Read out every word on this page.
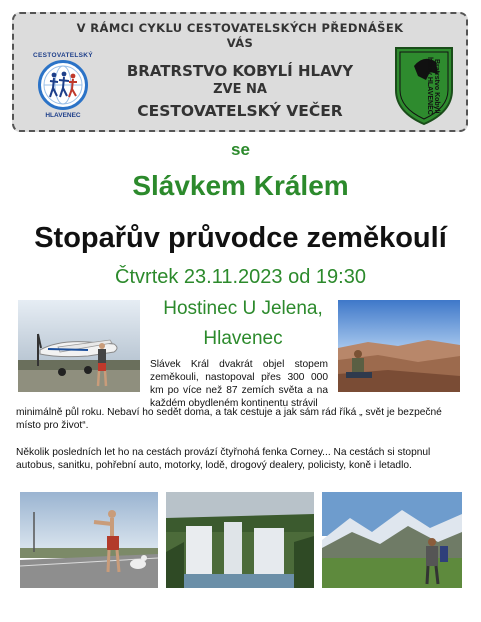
V RÁMCI CYKLU CESTOVATELSKÝCH PŘEDNÁŠEK
VÁS
BRATRSTVO KOBYLÍ HLAVY
ZVE NA
CESTOVATELSKÝ VEČER
CESTOVATELSKÝ
HLAVENEC
Bratrstvo Kobylí hlavy HLAVENEC
se
Slávkem Králem
Stopařův průvodce zeměkoulí
Čtvrtek 23.11.2023 od 19:30
Hostinec U Jelena,
Hlavenec
Slávek Král dvakrát objel stopem zeměkouli, nastopoval přes 300 000 km po více než 87 zemích světa a na každém obydleném kontinentu strávil
minimálně půl roku. Nebaví ho sedět doma, a tak cestuje a jak sám rád říká „ svět je bezpečné místo pro život“.
Několik posledních let ho na cestách provází čtyřnohá fenka Corney... Na cestách si stopnul autobus, sanitku, pohřební auto, motorky, lodě, drogový dealery, policisty, koně i letadlo.
